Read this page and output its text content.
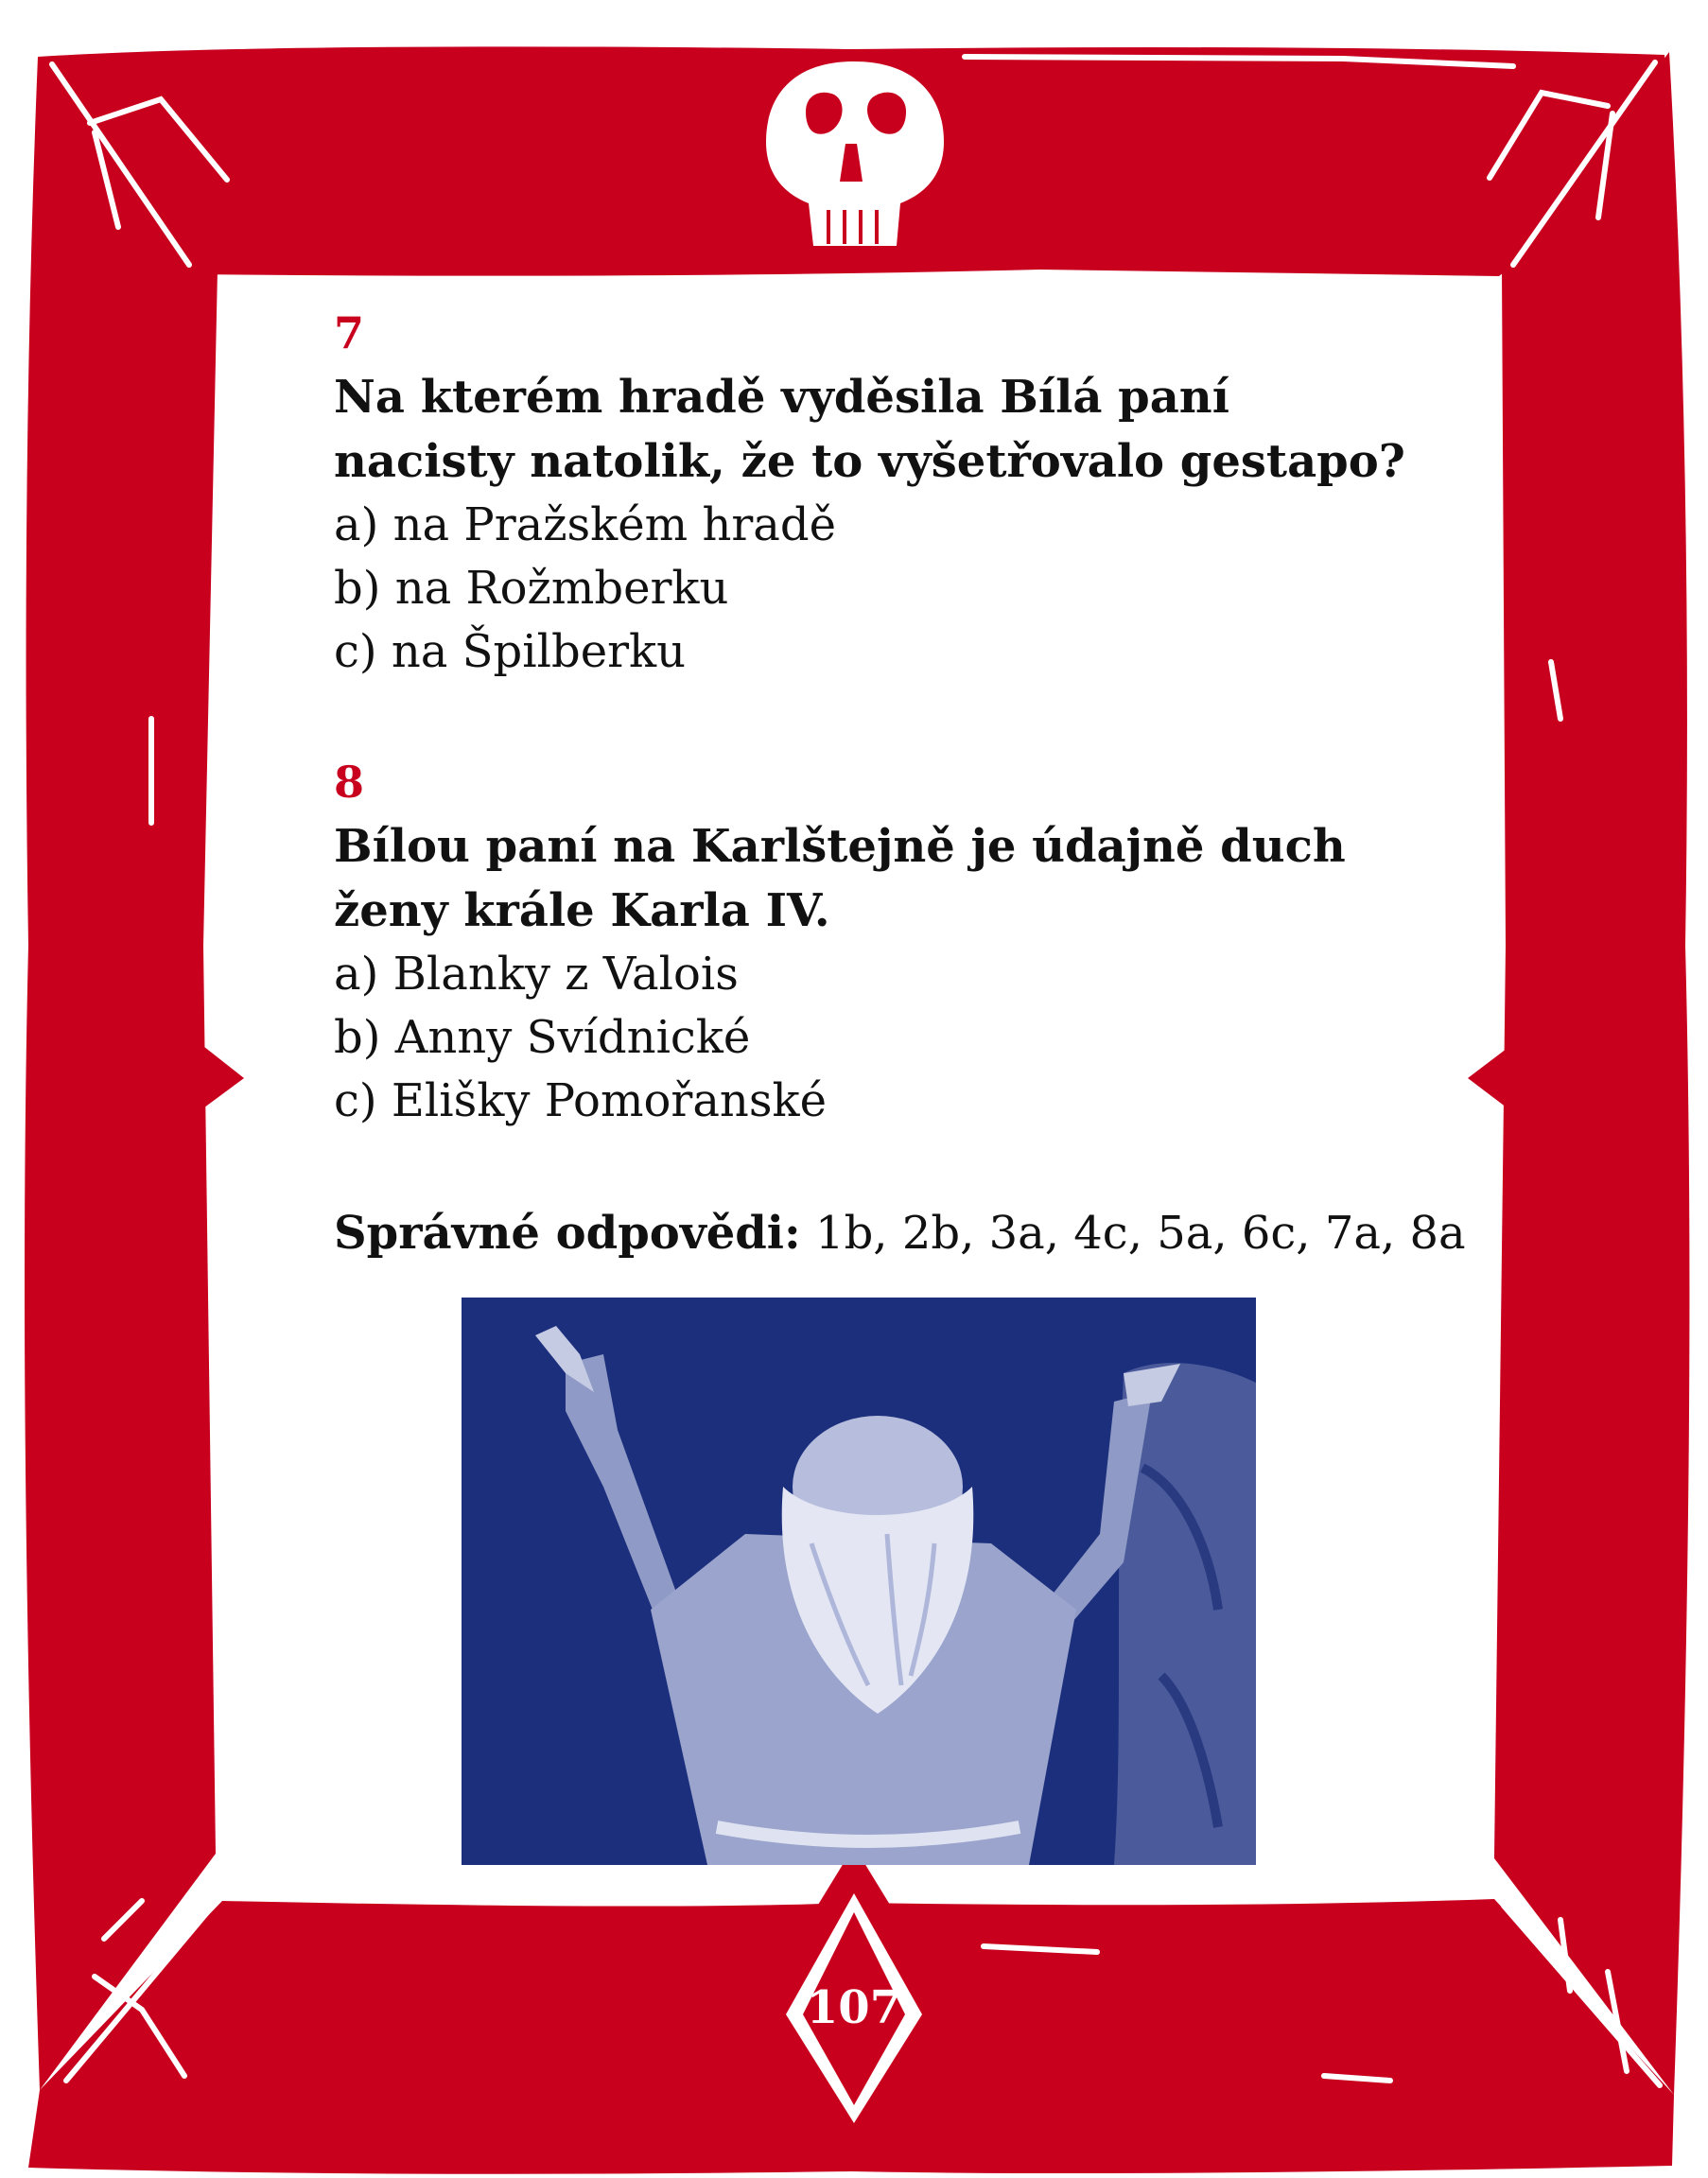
7

Na kterém hradě vyděsila Bílá paní nacisty natolik, že to vyšetřovalo gestapo?

a) na Pražském hradě

b) na Rožmberku

c) na Špilberku

8

Bílou paní na Karlštejně je údajně duch ženy krále Karla IV.

a) Blanky z Valois

b) Anny Svídnické

c) Elišky Pomořanské

Správné odpovědi: 1b, 2b, 3a, 4c, 5a, 6c, 7a, 8a

107
